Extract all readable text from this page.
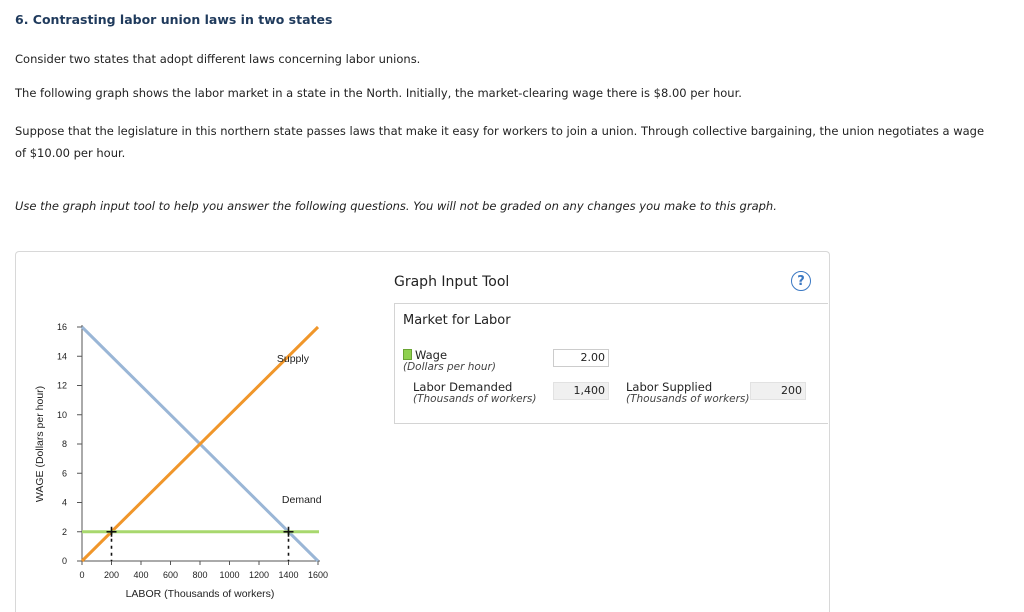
6. Contrasting labor union laws in two states
Consider two states that adopt different laws concerning labor unions.
The following graph shows the labor market in a state in the North. Initially, the market-clearing wage there is $8.00 per hour.
Suppose that the legislature in this northern state passes laws that make it easy for workers to join a union. Through collective bargaining, the union negotiates a wage of $10.00 per hour.
Use the graph input tool to help you answer the following questions. You will not be graded on any changes you make to this graph.
0
2
4
6
8
10
12
14
16
0 200 400 600 800 1000 1200 1400 1600
LABOR (Thousands of workers)
WAGE (Dollars per hour)
Supply
Demand
Graph Input Tool	?
Market for Labor
Wage
(Dollars per hour)
2.00
Labor Demanded
(Thousands of workers)
1,400	Labor Supplied
(Thousands of workers)
200
